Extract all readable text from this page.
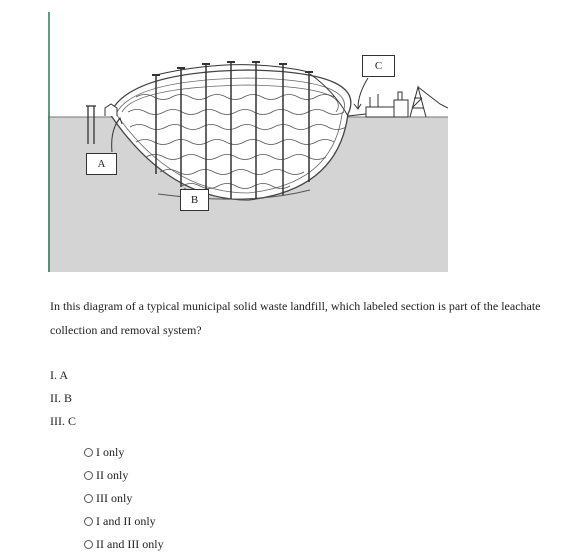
A
B
C
In this diagram of a typical municipal solid waste landfill, which labeled section is part of the leachate collection and removal system?
I. A
II. B
III. C
I only
II only
III only
I and II only
II and III only
